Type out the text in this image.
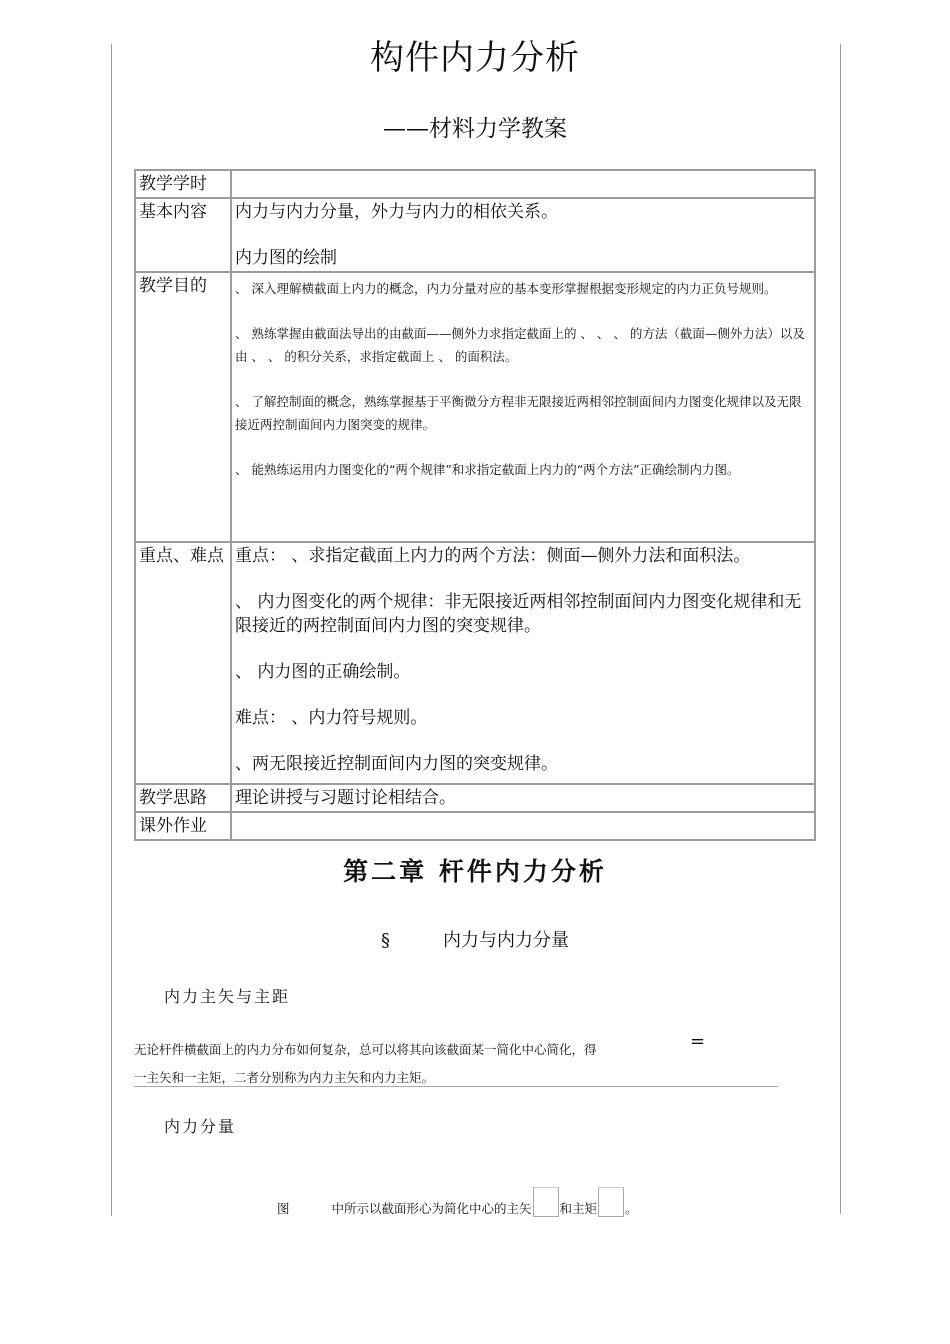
构件内力分析
——材料力学教案
教学学时	
基本内容	内力与内力分量，外力与内力的相依关系。
内力图的绘制

教学目的	、 深入理解横截面上内力的概念，内力分量对应的基本变形掌握根据变形规定的内力正负号规则。
、 熟练掌握由截面法导出的由截面——侧外力求指定截面上的 、 、 、 的方法（截面—侧外力法）以及由 、 、 的积分关系，求指定截面上 、 的面积法。
、 了解控制面的概念，熟练掌握基于平衡微分方程非无限接近两相邻控制面间内力图变化规律以及无限接近两控制面间内力图突变的规律。
、 能熟练运用内力图变化的“两个规律”和求指定截面上内力的“两个方法”正确绘制内力图。

重点、难点	重点： 、求指定截面上内力的两个方法：侧面—侧外力法和面积法。
、 内力图变化的两个规律：非无限接近两相邻控制面间内力图变化规律和无限接近的两控制面间内力图的突变规律。
、 内力图的正确绘制。
难点： 、内力符号规则。
、两无限接近控制面间内力图的突变规律。

教学思路	理论讲授与习题讨论相结合。
课外作业	
第二章 杆件内力分析
§	内力与内力分量
内力主矢与主距
无论杆件横截面上的内力分布如何复杂，总可以将其向该截面某一简化中心简化，得	=
一主矢和一主矩，二者分别称为内力主矢和内力主矩。
内力分量
图	中所示以截面形心为简化中心的主矢 和主矩 。
